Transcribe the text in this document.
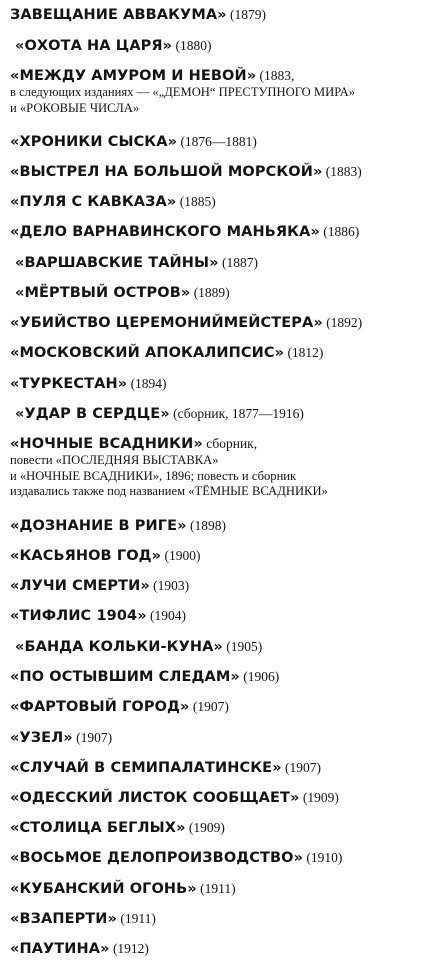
ЗАВЕЩАНИЕ АВВАКУМА» (1879)
«ОХОТА НА ЦАРЯ» (1880)
«МЕЖДУ АМУРОМ И НЕВОЙ» (1883,
в следующих изданиях — «„ДЕМОН“ ПРЕСТУПНОГО МИРА»
и «РОКОВЫЕ ЧИСЛА»
«ХРОНИКИ СЫСКА» (1876—1881)
«ВЫСТРЕЛ НА БОЛЬШОЙ МОРСКОЙ» (1883)
«ПУЛЯ С КАВКАЗА» (1885)
«ДЕЛО ВАРНАВИНСКОГО МАНЬЯКА» (1886)
«ВАРШАВСКИЕ ТАЙНЫ» (1887)
«МЁРТВЫЙ ОСТРОВ» (1889)
«УБИЙСТВО ЦЕРЕМОНИЙМЕЙСТЕРА» (1892)
«МОСКОВСКИЙ АПОКАЛИПСИС» (1812)
«ТУРКЕСТАН» (1894)
«УДАР В СЕРДЦЕ» (сборник, 1877—1916)
«НОЧНЫЕ ВСАДНИКИ» сборник,
повести «ПОСЛЕДНЯЯ ВЫСТАВКА»
и «НОЧНЫЕ ВСАДНИКИ», 1896; повесть и сборник
издавались также под названием «ТЁМНЫЕ ВСАДНИКИ»
«ДОЗНАНИЕ В РИГЕ» (1898)
«КАСЬЯНОВ ГОД» (1900)
«ЛУЧИ СМЕРТИ» (1903)
«ТИФЛИС 1904» (1904)
«БАНДА КОЛЬКИ-КУНА» (1905)
«ПО ОСТЫВШИМ СЛЕДАМ» (1906)
«ФАРТОВЫЙ ГОРОД» (1907)
«УЗЕЛ» (1907)
«СЛУЧАЙ В СЕМИПАЛАТИНСКЕ» (1907)
«ОДЕССКИЙ ЛИСТОК СООБЩАЕТ» (1909)
«СТОЛИЦА БЕГЛЫХ» (1909)
«ВОСЬМОЕ ДЕЛОПРОИЗВОДСТВО» (1910)
«КУБАНСКИЙ ОГОНЬ» (1911)
«ВЗАПЕРТИ» (1911)
«ПАУТИНА» (1912)
